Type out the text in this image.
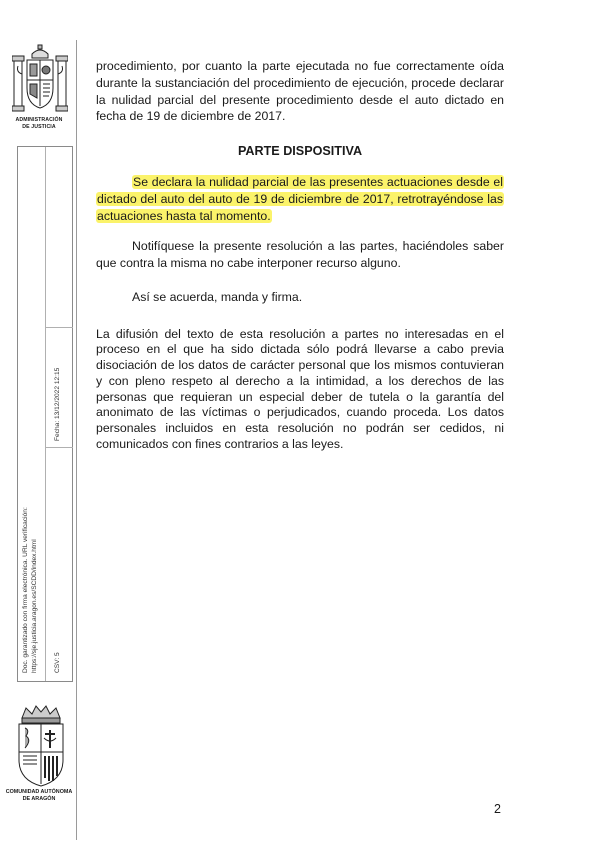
ADMINISTRACIÓN
DE JUSTICIA
Doc. garantizado con firma electrónica. URL verificación: https://sje.justicia.aragon.es/SCDD/index.html
Fecha: 13/12/2022 12:15
CSV: 5
COMUNIDAD AUTÓNOMA
DE ARAGÓN

procedimiento, por cuanto la parte ejecutada no fue correctamente oída durante la sustanciación del procedimiento de ejecución, procede declarar la nulidad parcial del presente procedimiento desde el auto dictado en fecha de 19 de diciembre de 2017.

PARTE DISPOSITIVA

Se declara la nulidad parcial de las presentes actuaciones desde el dictado del auto del auto de 19 de diciembre de 2017, retrotrayéndose las actuaciones hasta tal momento.

Notifíquese la presente resolución a las partes, haciéndoles saber que contra la misma no cabe interponer recurso alguno.

Así se acuerda, manda y firma.

La difusión del texto de esta resolución a partes no interesadas en el proceso en el que ha sido dictada sólo podrá llevarse a cabo previa disociación de los datos de carácter personal que los mismos contuvieran y con pleno respeto al derecho a la intimidad, a los derechos de las personas que requieran un especial deber de tutela o la garantía del anonimato de las víctimas o perjudicados, cuando proceda. Los datos personales incluidos en esta resolución no podrán ser cedidos, ni comunicados con fines contrarios a las leyes.

2
